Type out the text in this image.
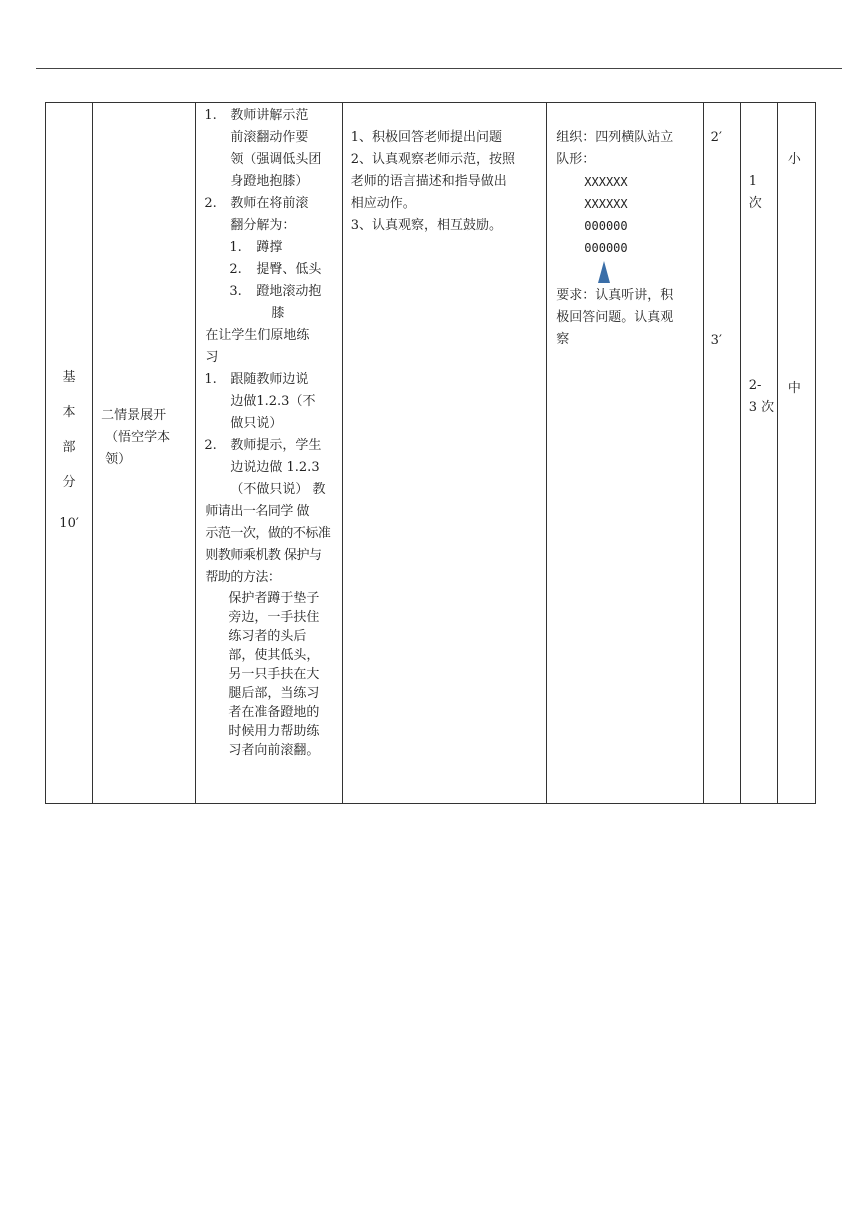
基
本
部
分
10′

二情景展开
（悟空学本
领）

1. 教师讲解示范
前滚翻动作要
领（强调低头团
身蹬地抱膝）
2. 教师在将前滚
翻分解为：
1. 蹲撑
2. 提臀、低头
3. 蹬地滚动抱
膝
在让学生们原地练
习
1. 跟随教师边说
边做1.2.3（不
做只说）
2. 教师提示，学生
边说边做 1.2.3
（不做只说） 教
师请出一名同学 做
示范一次，做的不标准
则教师乘机教 保护与
帮助的方法：
保护者蹲于垫子
旁边，一手扶住
练习者的头后
部，使其低头，
另一只手扶在大
腿后部，当练习
者在准备蹬地的
时候用力帮助练
习者向前滚翻。

1、积极回答老师提出问题
2、认真观察老师示范，按照
老师的语言描述和指导做出
相应动作。
3、认真观察，相互鼓励。

组织：四列横队站立
队形：
XXXXXX
XXXXXX
000000
000000
要求：认真听讲，积
极回答问题。认真观
察

2′
3′

1
次
2-
3 次

小
中
